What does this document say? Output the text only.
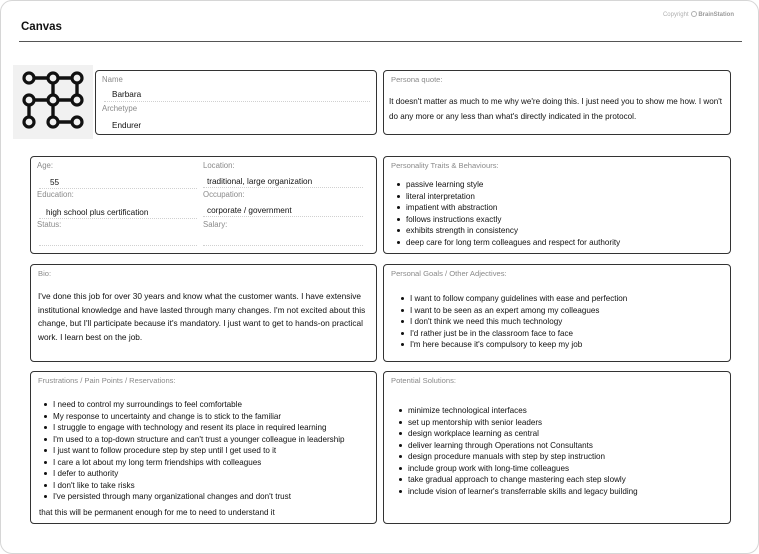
Canvas
Copyright BrainStation
Name
Barbara
Archetype
Endurer
Persona quote:
It doesn't matter as much to me why we're doing this. I just need you to show me how. I won't do any more or any less than what's directly indicated in the protocol.
Age:
55
Location:
traditional, large organization
Education:
high school plus certification
Occupation:
corporate / government
Status:	Salary:
Personality Traits & Behaviours:
passive learning style
literal interpretation
impatient with abstraction
follows instructions exactly
exhibits strength in consistency
deep care for long term colleagues and respect for authority
Bio:
I've done this job for over 30 years and know what the customer wants. I have extensive institutional knowledge and have lasted through many changes. I'm not excited about this change, but I'll participate because it's mandatory. I just want to get to hands-on practical work. I learn best on the job.
Personal Goals / Other Adjectives:
I want to follow company guidelines with ease and perfection
I want to be seen as an expert among my colleagues
I don't think we need this much technology
I'd rather just be in the classroom face to face
I'm here because it's compulsory to keep my job
Frustrations / Pain Points / Reservations:
I need to control my surroundings to feel comfortable
My response to uncertainty and change is to stick to the familiar
I struggle to engage with technology and resent its place in required learning
I'm used to a top-down structure and can't trust a younger colleague in leadership
I just want to follow procedure step by step until I get used to it
I care a lot about my long term friendships with colleagues
I defer to authority
I don't like to take risks
I've persisted through many organizational changes and don't trust
that this will be permanent enough for me to need to understand it
Potential Solutions:
minimize technological interfaces
set up mentorship with senior leaders
design workplace learning as central
deliver learning through Operations not Consultants
design procedure manuals with step by step instruction
include group work with long-time colleagues
take gradual approach to change mastering each step slowly
include vision of learner's transferrable skills and legacy building
